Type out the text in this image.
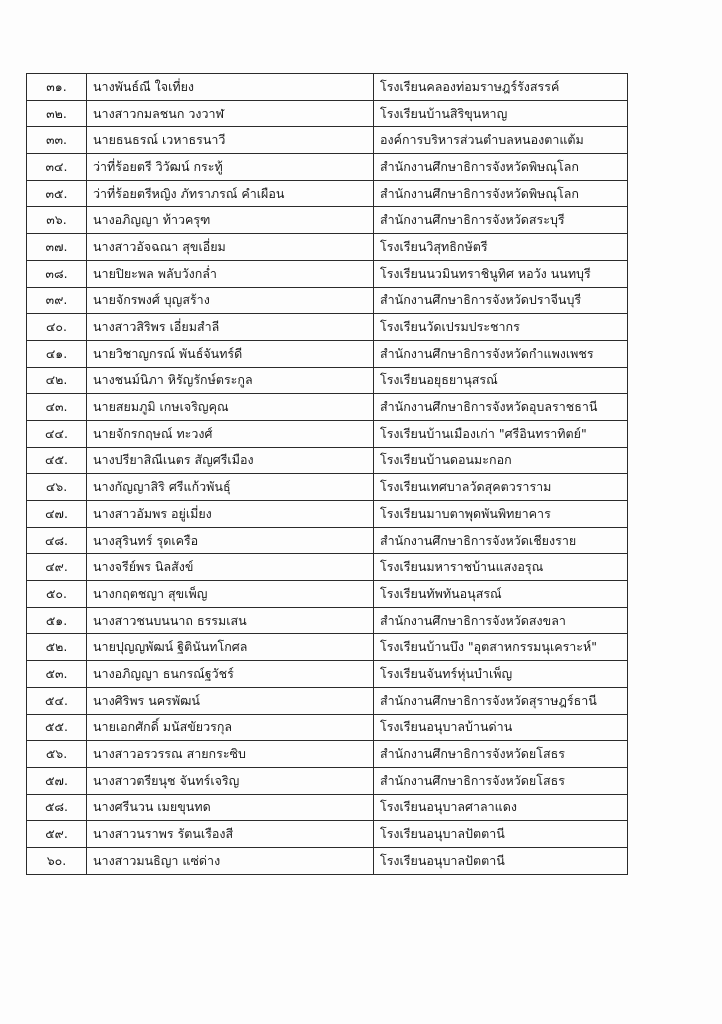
๓๑.	นางพันธ์ณี ใจเที่ยง	โรงเรียนคลองท่อมราษฎร์รังสรรค์
๓๒.	นางสาวกมลชนก วงวาฬ	โรงเรียนบ้านสิริขุนหาญ
๓๓.	นายธนธรณ์ เวหาธรนาวี	องค์การบริหารส่วนตำบลหนองตาแต้ม
๓๔.	ว่าที่ร้อยตรี วิวัฒน์ กระทู้	สำนักงานศึกษาธิการจังหวัดพิษณุโลก
๓๕.	ว่าที่ร้อยตรีหญิง ภัทราภรณ์ คำเผือน	สำนักงานศึกษาธิการจังหวัดพิษณุโลก
๓๖.	นางอภิญญา ท้าวครุฑ	สำนักงานศึกษาธิการจังหวัดสระบุรี
๓๗.	นางสาวอัจฉณา สุขเอี่ยม	โรงเรียนวิสุทธิกษัตรี
๓๘.	นายปิยะพล พลับวังกล่ำ	โรงเรียนนวมินทราชินูทิศ หอวัง นนทบุรี
๓๙.	นายจักรพงศ์ บุญสร้าง	สำนักงานศึกษาธิการจังหวัดปราจีนบุรี
๔๐.	นางสาวสิริพร เอี่ยมสำลี	โรงเรียนวัดเปรมประชากร
๔๑.	นายวิชาญกรณ์ พันธ์จันทร์ดี	สำนักงานศึกษาธิการจังหวัดกำแพงเพชร
๔๒.	นางชนม์นิภา หิรัญรักษ์ตระกูล	โรงเรียนอยุธยานุสรณ์
๔๓.	นายสยมภูมิ เกษเจริญคุณ	สำนักงานศึกษาธิการจังหวัดอุบลราชธานี
๔๔.	นายจักรกฤษณ์ ทะวงศ์	โรงเรียนบ้านเมืองเก่า "ศรีอินทราทิตย์"
๔๕.	นางปรียาสิณีเนตร สัญศรีเมือง	โรงเรียนบ้านดอนมะกอก
๔๖.	นางกัญญาสิริ ศรีแก้วพันธุ์	โรงเรียนเทศบาลวัดสุคตวราราม
๔๗.	นางสาวอัมพร อยู่เมี่ยง	โรงเรียนมาบตาพุดพันพิทยาคาร
๔๘.	นางสุรินทร์ รุดเครือ	สำนักงานศึกษาธิการจังหวัดเชียงราย
๔๙.	นางจรีย์พร นิลสังข์	โรงเรียนมหาราชบ้านแสงอรุณ
๕๐.	นางกฤตชญา สุขเพ็ญ	โรงเรียนทัพทันอนุสรณ์
๕๑.	นางสาวชนบนนาถ ธรรมเสน	สำนักงานศึกษาธิการจังหวัดสงขลา
๕๒.	นายปุญญพัฒน์ ฐิตินันทโกศล	โรงเรียนบ้านบึง "อุตสาหกรรมนุเคราะห์"
๕๓.	นางอภิญญา ธนกรณ์ฐวัชร์	โรงเรียนจันทร์หุ่นบำเพ็ญ
๕๔.	นางศิริพร นครพัฒน์	สำนักงานศึกษาธิการจังหวัดสุราษฎร์ธานี
๕๕.	นายเอกศักดิ์ มนัสขัยวรกุล	โรงเรียนอนุบาลบ้านด่าน
๕๖.	นางสาวอรวรรณ สายกระซิบ	สำนักงานศึกษาธิการจังหวัดยโสธร
๕๗.	นางสาวตรียนุช จันทร์เจริญ	สำนักงานศึกษาธิการจังหวัดยโสธร
๕๘.	นางศรีนวน เมยขุนทด	โรงเรียนอนุบาลศาลาแดง
๕๙.	นางสาวนราพร รัตนเรืองสี	โรงเรียนอนุบาลปัตตานี
๖๐.	นางสาวมนธิญา แซ่ด่าง	โรงเรียนอนุบาลปัตตานี
